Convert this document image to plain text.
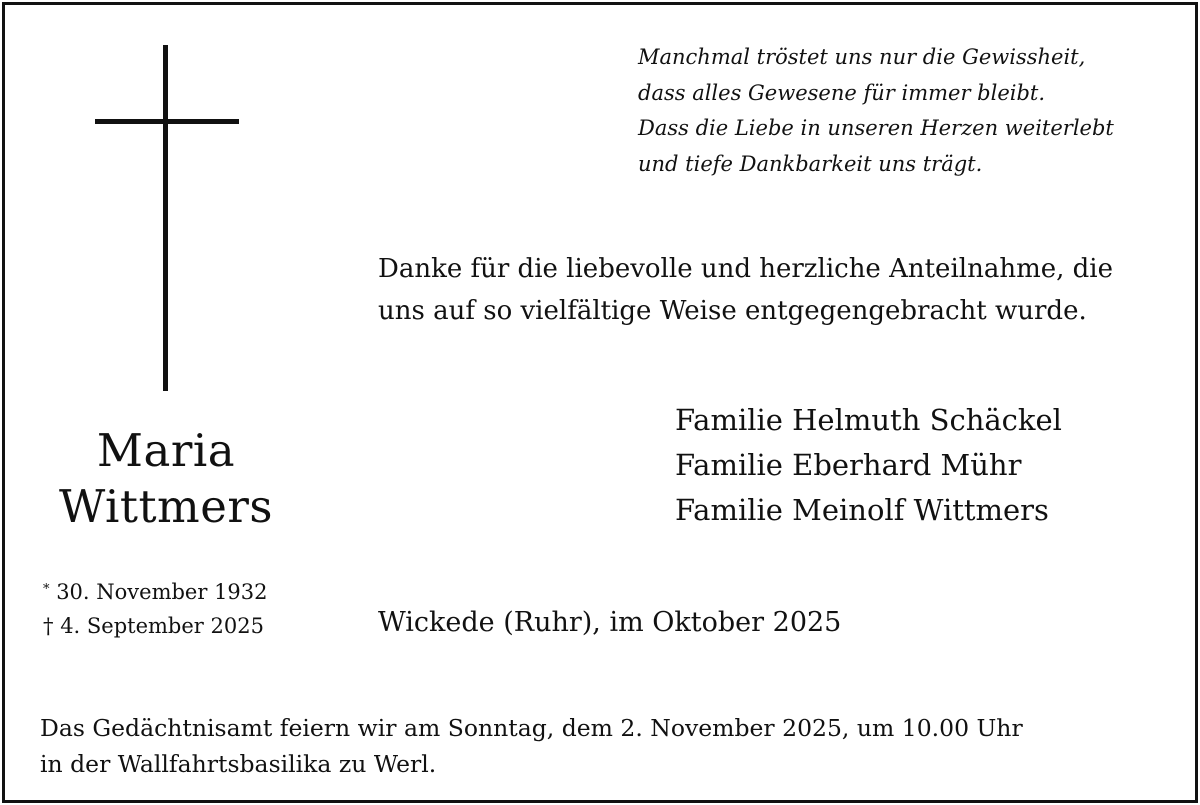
Manchmal tröstet uns nur die Gewissheit,
dass alles Gewesene für immer bleibt.
Dass die Liebe in unseren Herzen weiterlebt
und tiefe Dankbarkeit uns trägt.
Danke für die liebevolle und herzliche Anteilnahme, die
uns auf so vielfältige Weise entgegengebracht wurde.
Familie Helmuth Schäckel
Familie Eberhard Mühr
Familie Meinolf Wittmers
Maria
Wittmers
* 30. November 1932
† 4. September 2025	Wickede (Ruhr), im Oktober 2025
Das Gedächtnisamt feiern wir am Sonntag, dem 2. November 2025, um 10.00 Uhr
in der Wallfahrtsbasilika zu Werl.
